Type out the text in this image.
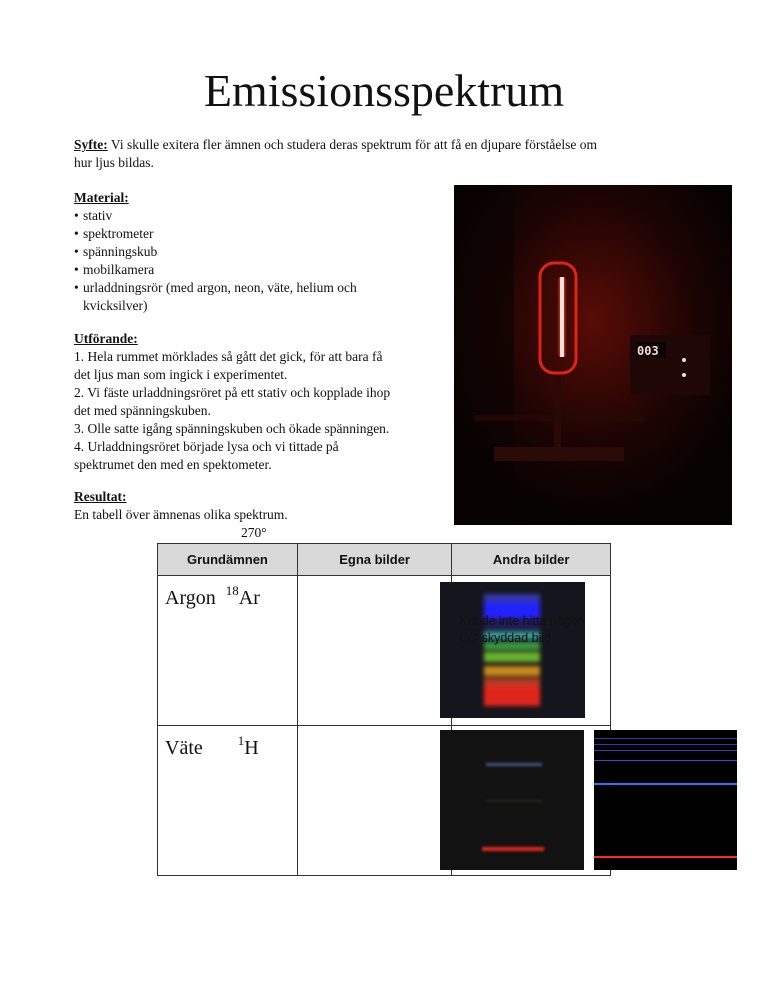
Emissionsspektrum
Syfte: Vi skulle exitera fler ämnen och studera deras spektrum för att få en djupare förståelse om
hur ljus bildas.
Material:
• stativ
• spektrometer
• spänningskub
• mobilkamera
• urladdningsrör (med argon, neon, väte, helium och
kvicksilver)
Utförande:
1. Hela rummet mörklades så gått det gick, för att bara få
det ljus man som ingick i experimentet.
2. Vi fäste urladdningsröret på ett stativ och kopplade ihop
det med spänningskuben.
3. Olle satte igång spänningskuben och ökade spänningen.
4. Urladdningsröret började lysa och vi tittade på
spektrumet den med en spektometer.
Resultat:
En tabell över ämnenas olika spektrum.
270°
003
Grundämnen	Egna bilder	Andra bilder

Argon $^{18}$Ar		Kunde inte hitta någon CC-skyddad bild.

Väte $^1$H
